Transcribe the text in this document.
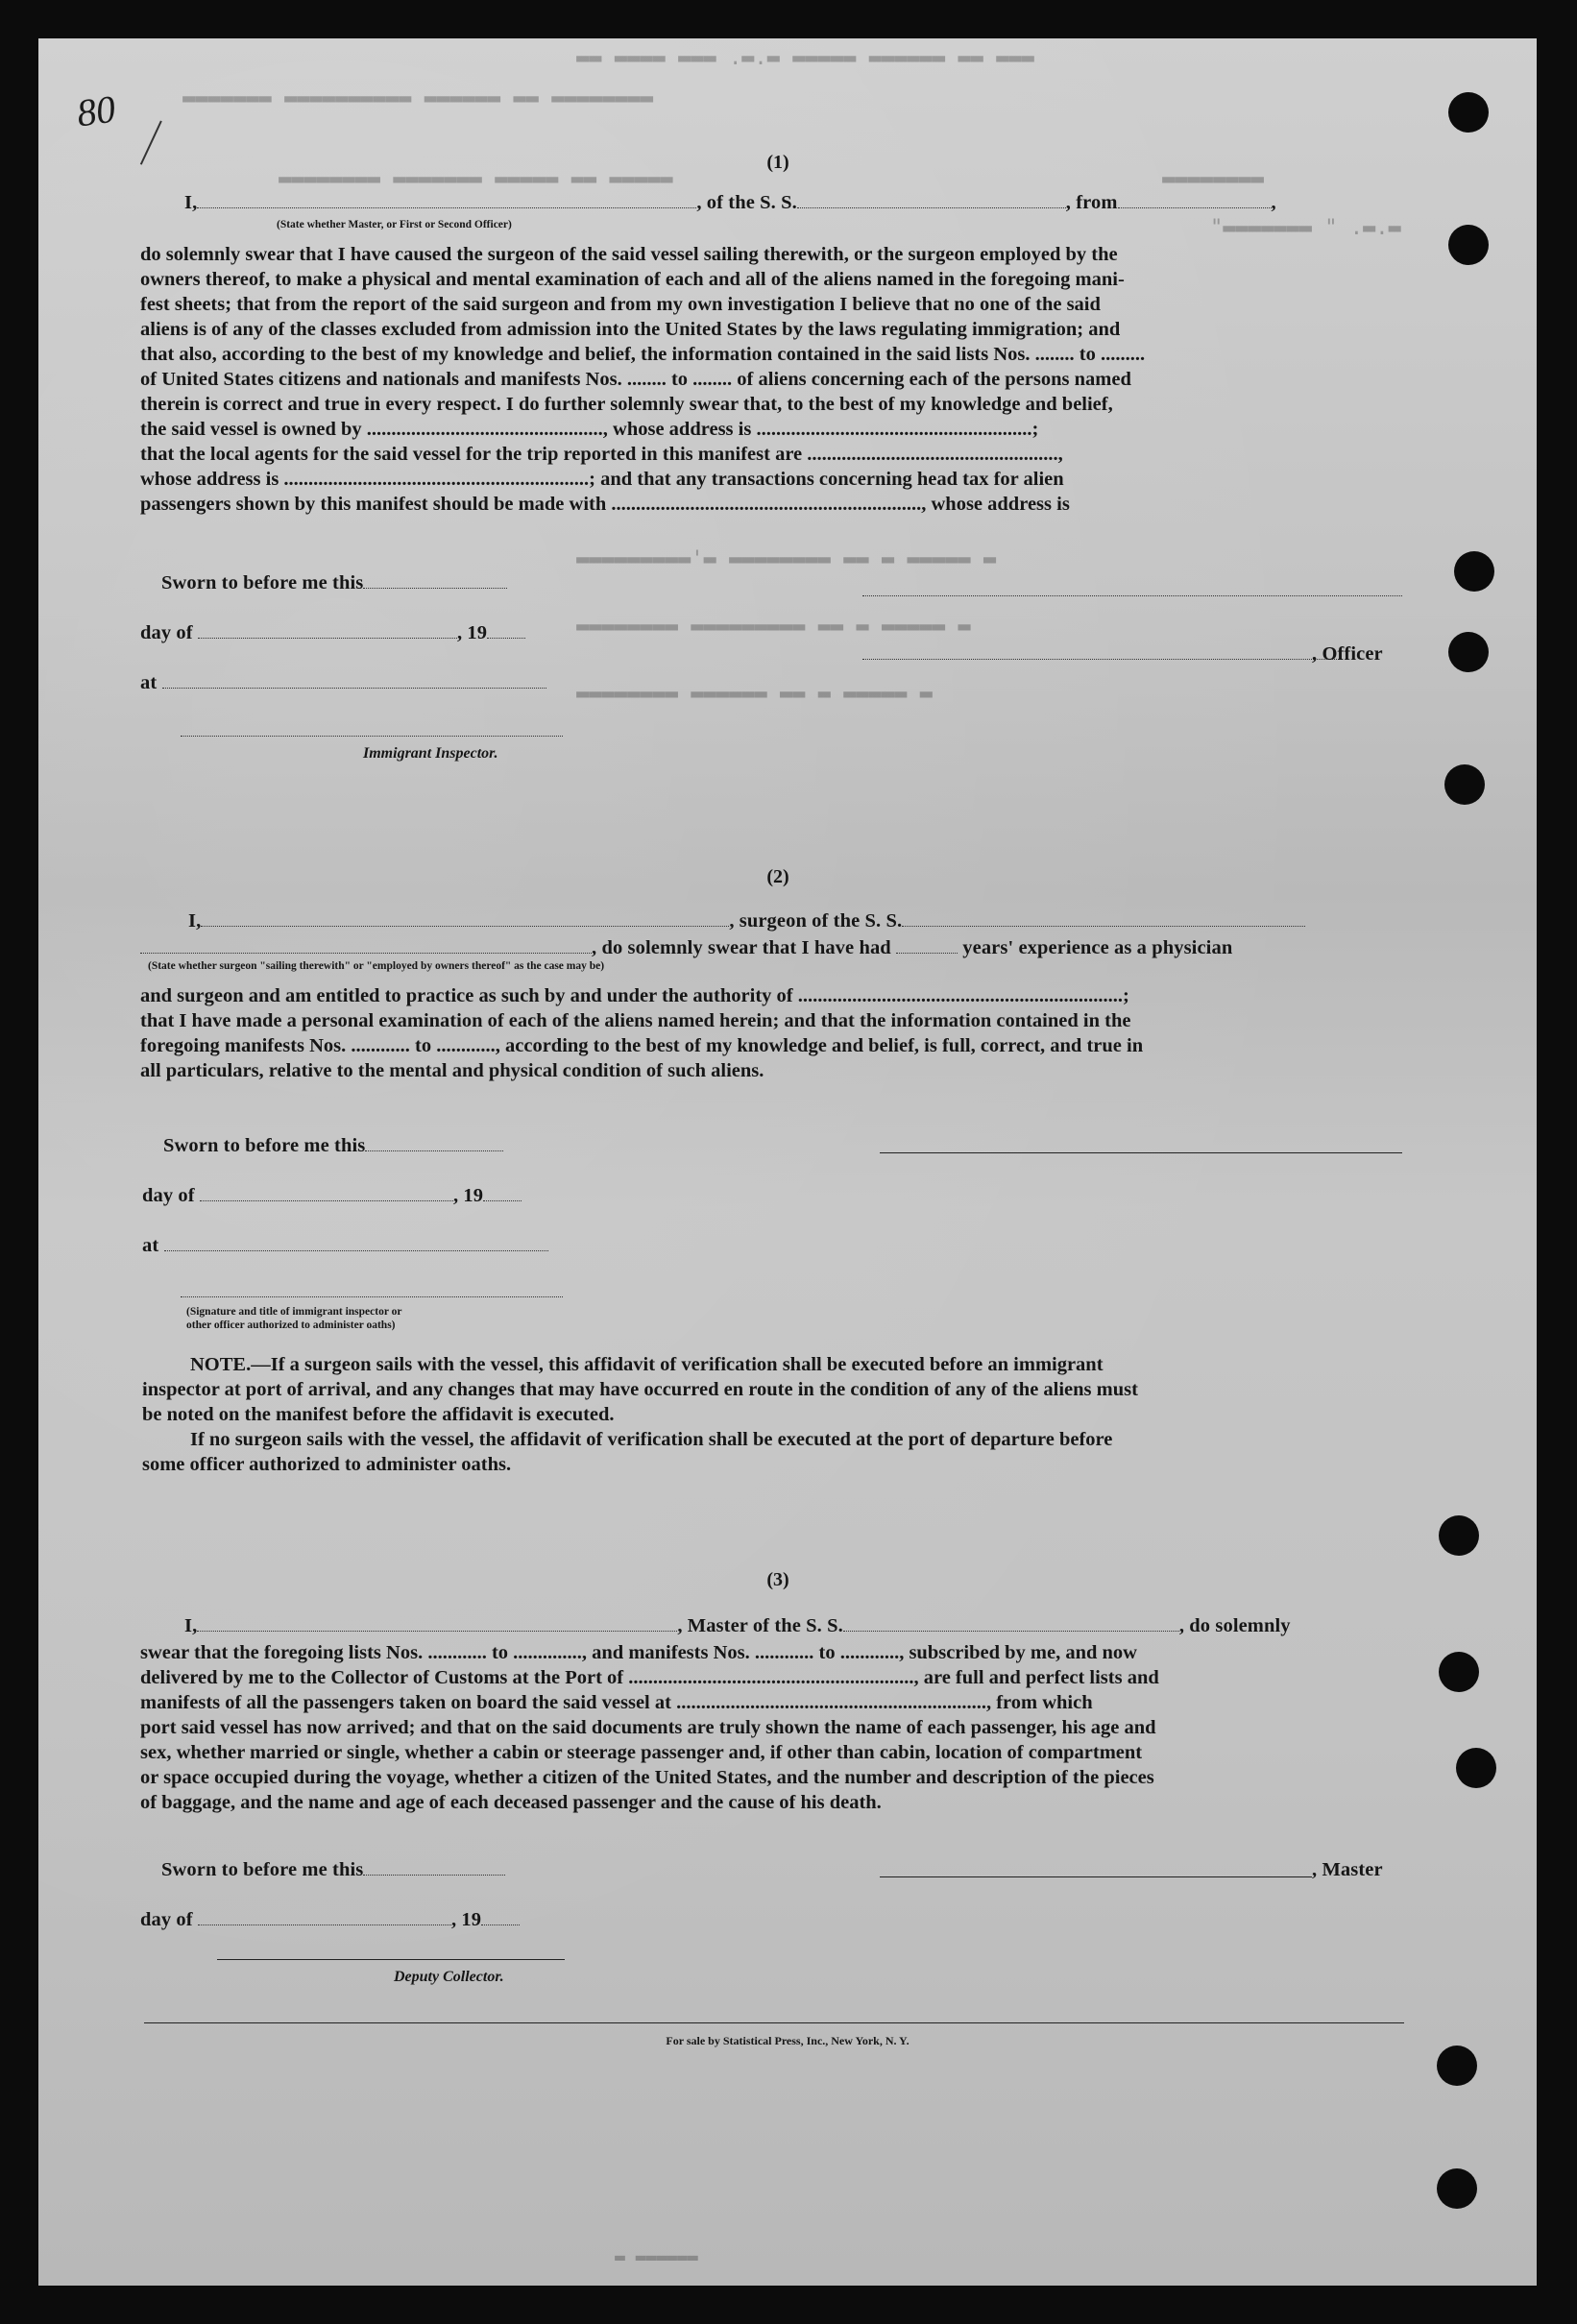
▬▬▬ ▬▬ ▬▬▬▬▬▬ ▬▬▬▬▬ ▬.▬. ▬▬▬ ▬▬▬▬ ▬▬
▬▬▬▬▬▬▬▬ ▬▬ ▬▬▬▬▬▬ ▬▬▬▬▬▬▬▬▬▬ ▬▬▬▬▬▬▬
▬▬▬▬▬ ▬▬ ▬▬▬▬▬ ▬▬▬▬▬▬▬ ▬▬▬▬▬▬▬▬	▬▬▬▬▬▬▬▬
▬.▬. " ▬▬▬▬▬▬▬"
▬ ▬▬▬▬▬ ▬ ▬▬ ▬▬▬▬▬▬▬▬ ▬'▬▬▬▬▬▬▬▬▬
▬ ▬▬▬▬▬ ▬ ▬▬ ▬▬▬▬▬▬▬▬▬ ▬▬▬▬▬▬▬▬
▬ ▬▬▬▬▬ ▬ ▬▬ ▬▬▬▬▬▬ ▬▬▬▬▬▬▬▬
80
(1)
I,	, of the S. S.	, from	,
(State whether Master, or First or Second Officer)
do solemnly swear that I have caused the surgeon of the said vessel sailing therewith, or the surgeon employed by the
owners thereof, to make a physical and mental examination of each and all of the aliens named in the foregoing mani-
fest sheets; that from the report of the said surgeon and from my own investigation I believe that no one of the said
aliens is of any of the classes excluded from admission into the United States by the laws regulating immigration; and
that also, according to the best of my knowledge and belief, the information contained in the said lists Nos. ........ to .........
of United States citizens and nationals and manifests Nos. ........ to ........ of aliens concerning each of the persons named
therein is correct and true in every respect. I do further solemnly swear that, to the best of my knowledge and belief,
the said vessel is owned by ................................................, whose address is ........................................................;
that the local agents for the said vessel for the trip reported in this manifest are ...................................................,
whose address is ..............................................................; and that any transactions concerning head tax for alien
passengers shown by this manifest should be made with ..............................................................., whose address is
Sworn to before me this
day of	, 19
at
Immigrant Inspector.
, Officer
(2)
I,	, surgeon of the S. S.
, do solemnly swear that I have had	years' experience as a physician
(State whether surgeon "sailing therewith" or "employed by owners thereof" as the case may be)
and surgeon and am entitled to practice as such by and under the authority of ..................................................................;
that I have made a personal examination of each of the aliens named herein; and that the information contained in the
foregoing manifests Nos. ............ to ............, according to the best of my knowledge and belief, is full, correct, and true in
all particulars, relative to the mental and physical condition of such aliens.
Sworn to before me this
day of	, 19
at
(Signature and title of immigrant inspector or
other officer authorized to administer oaths)
NOTE.—If a surgeon sails with the vessel, this affidavit of verification shall be executed before an immigrant
inspector at port of arrival, and any changes that may have occurred en route in the condition of any of the aliens must
be noted on the manifest before the affidavit is executed.
If no surgeon sails with the vessel, the affidavit of verification shall be executed at the port of departure before
some officer authorized to administer oaths.
(3)
I,	, Master of the S. S.	, do solemnly
swear that the foregoing lists Nos. ............ to .............., and manifests Nos. ............ to ............, subscribed by me, and now
delivered by me to the Collector of Customs at the Port of .........................................................., are full and perfect lists and
manifests of all the passengers taken on board the said vessel at ..............................................................., from which
port said vessel has now arrived; and that on the said documents are truly shown the name of each passenger, his age and
sex, whether married or single, whether a cabin or steerage passenger and, if other than cabin, location of compartment
or space occupied during the voyage, whether a citizen of the United States, and the number and description of the pieces
of baggage, and the name and age of each deceased passenger and the cause of his death.
Sworn to before me this	, Master
day of	, 19
Deputy Collector.
For sale by Statistical Press, Inc., New York, N. Y.
▬▬▬▬▬▬ ▬
